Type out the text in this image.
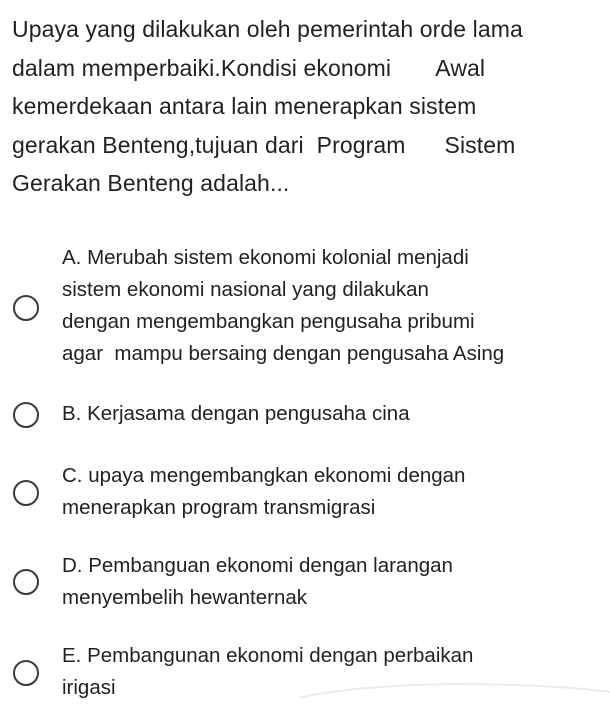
Upaya yang dilakukan oleh pemerintah orde lama
dalam memperbaiki.Kondisi ekonomi       Awal
kemerdekaan antara lain menerapkan sistem
gerakan Benteng,tujuan dari  Program      Sistem
Gerakan Benteng adalah...
A. Merubah sistem ekonomi kolonial menjadi
sistem ekonomi nasional yang dilakukan
dengan mengembangkan pengusaha pribumi
agar  mampu bersaing dengan pengusaha Asing
B. Kerjasama dengan pengusaha cina
C. upaya mengembangkan ekonomi dengan
menerapkan program transmigrasi
D. Pembanguan ekonomi dengan larangan
menyembelih hewanternak
E. Pembangunan ekonomi dengan perbaikan
irigasi
